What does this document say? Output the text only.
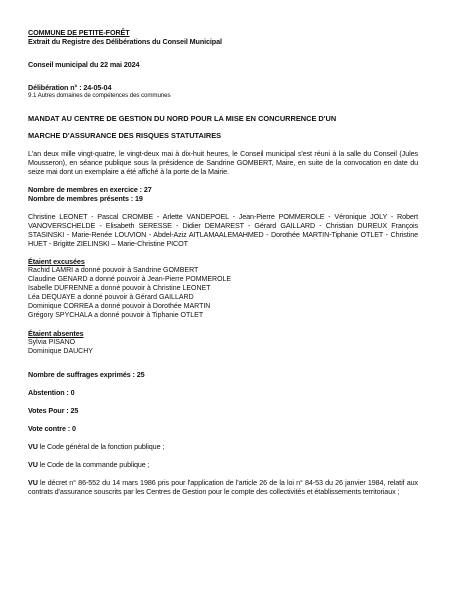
COMMUNE DE PETITE-FORÊT

Extrait du Registre des Délibérations du Conseil Municipal

Conseil municipal du 22 mai 2024

Délibération n° : 24-05-04

9.1 Autres domaines de compétences des communes

MANDAT AU CENTRE DE GESTION DU NORD POUR LA MISE EN CONCURRENCE D'UN

MARCHE D'ASSURANCE DES RISQUES STATUTAIRES

L'an deux mille vingt-quatre, le vingt-deux mai à dix-huit heures, le Conseil municipal s'est réuni à la salle du Conseil (Jules Mousseron), en séance publique sous la présidence de Sandrine GOMBERT, Maire, en suite de la convocation en date du seize mai dont un exemplaire a été affiché à la porte de la Mairie.

Nombre de membres en exercice : 27

Nombre de membres présents : 19

Christine LEONET - Pascal CROMBE - Arlette VANDEPOEL - Jean-Pierre POMMEROLE - Véronique JOLY - Robert VANOVERSCHELDE - Elisabeth SERESSE - Didier DEMAREST - Gérard GAILLARD - Christian DUREUX François STASINSKI - Marie-Renée LOUVION - Abdel-Aziz AITLAMAALEMAHMED - Dorothée MARTIN-Tiphanie OTLET - Christine HUET - Brigitte ZIELINSKI – Marie-Christine PICOT

Étaient excusées

Rachid LAMRI a donné pouvoir à Sandrine GOMBERT

Claudine GENARD a donné pouvoir à Jean-Pierre POMMEROLE

Isabelle DUFRENNE a donné pouvoir à Christine LEONET

Léa DEQUAYE a donné pouvoir à Gérard GAILLARD

Dominique CORREA a donné pouvoir à Dorothée MARTIN

Grégory SPYCHALA a donné pouvoir à Tiphanie OTLET

Étaient absentes

Sylvia PISANO

Dominique DAUCHY

Nombre de suffrages exprimés : 25

Abstention : 0

Votes Pour : 25

Vote contre : 0

VU le Code général de la fonction publique ;

VU le Code de la commande publique ;

VU le décret n° 86-552 du 14 mars 1986 pris pour l'application de l'article 26 de la loi n° 84-53 du 26 janvier 1984, relatif aux contrats d'assurance souscrits par les Centres de Gestion pour le compte des collectivités et établissements territoriaux ;
